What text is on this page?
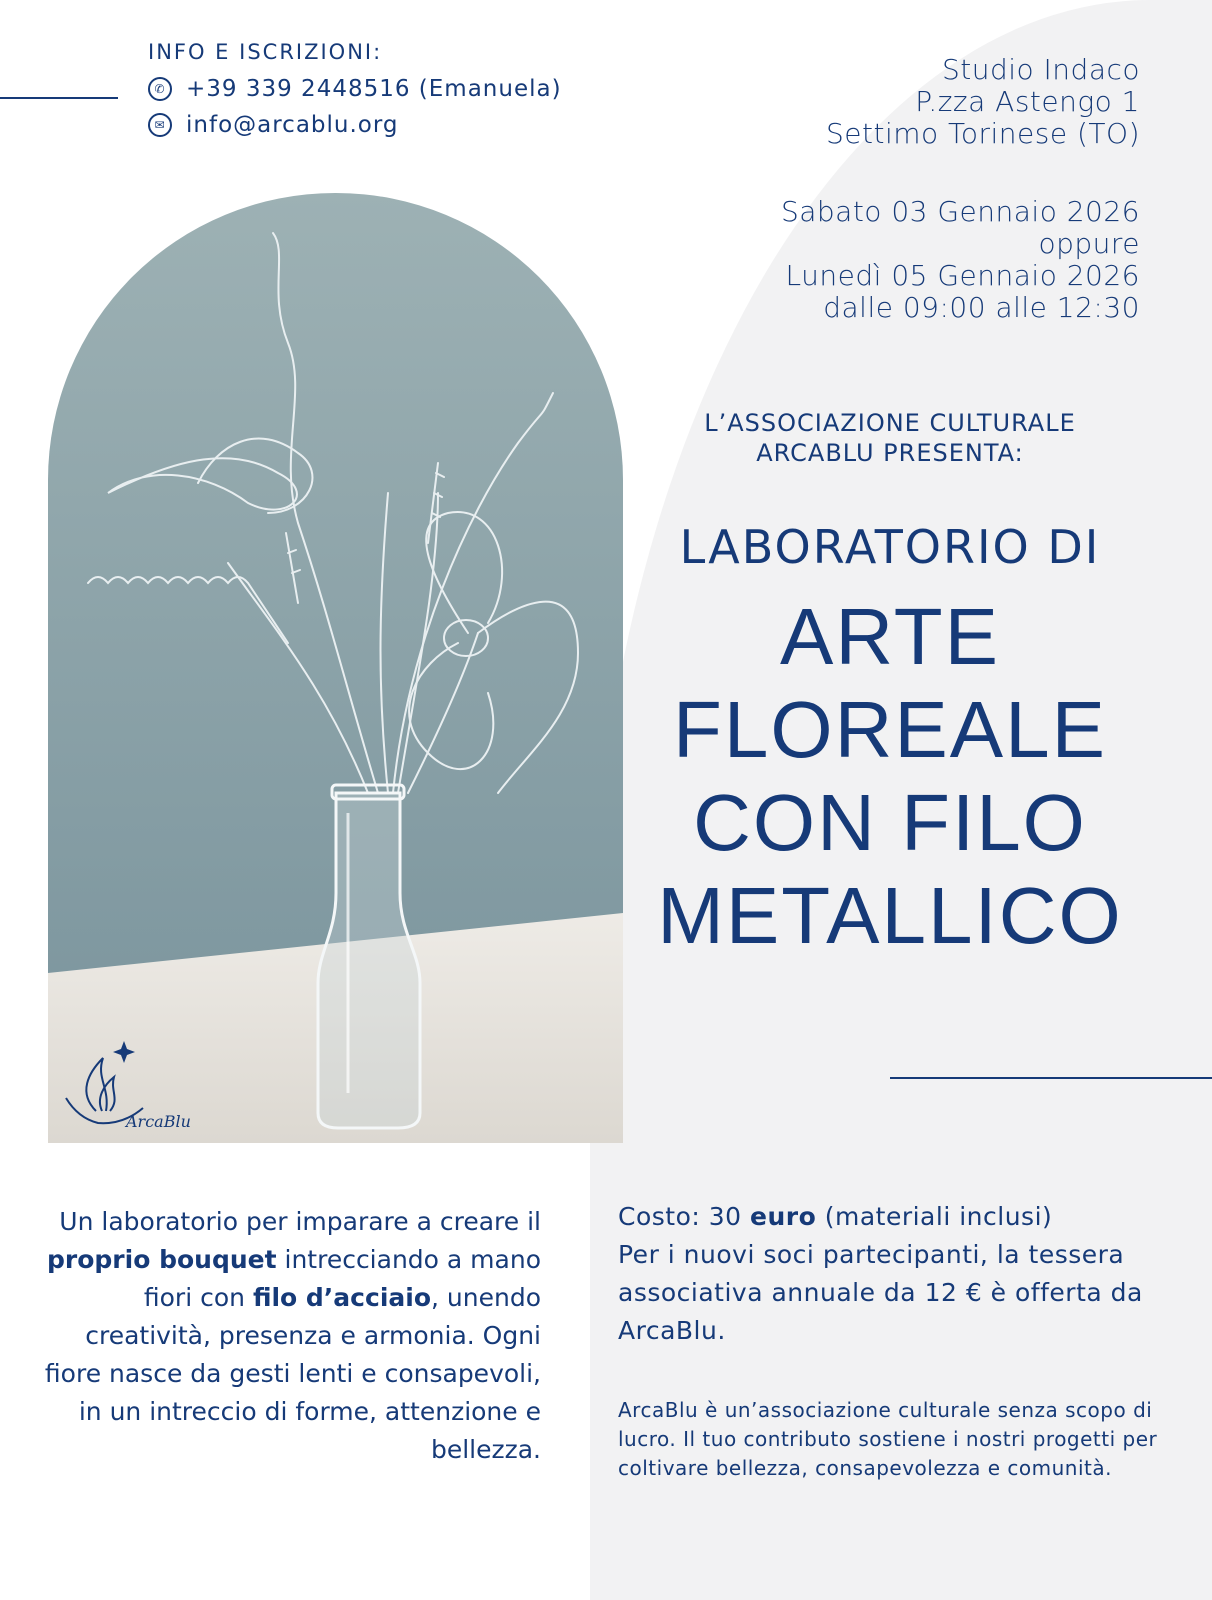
INFO E ISCRIZIONI:
✆ +39 339 2448516 (Emanuela)
✉ info@arcablu.org
Studio Indaco
P.zza Astengo 1
Settimo Torinese (TO)
Sabato 03 Gennaio 2026
oppure
Lunedì 05 Gennaio 2026
dalle 09:00 alle 12:30
L’ASSOCIAZIONE CULTURALE
ARCABLU PRESENTA:
LABORATORIO DI
ARTE
FLOREALE
CON FILO
METALLICO
ArcaBlu
Un laboratorio per imparare a creare il proprio bouquet intrecciando a mano fiori con filo d’acciaio, unendo creatività, presenza e armonia. Ogni fiore nasce da gesti lenti e consapevoli, in un intreccio di forme, attenzione e bellezza.
Costo: 30 euro (materiali inclusi)
Per i nuovi soci partecipanti, la tessera associativa annuale da 12 € è offerta da ArcaBlu.
ArcaBlu è un’associazione culturale senza scopo di lucro. Il tuo contributo sostiene i nostri progetti per coltivare bellezza, consapevolezza e comunità.
